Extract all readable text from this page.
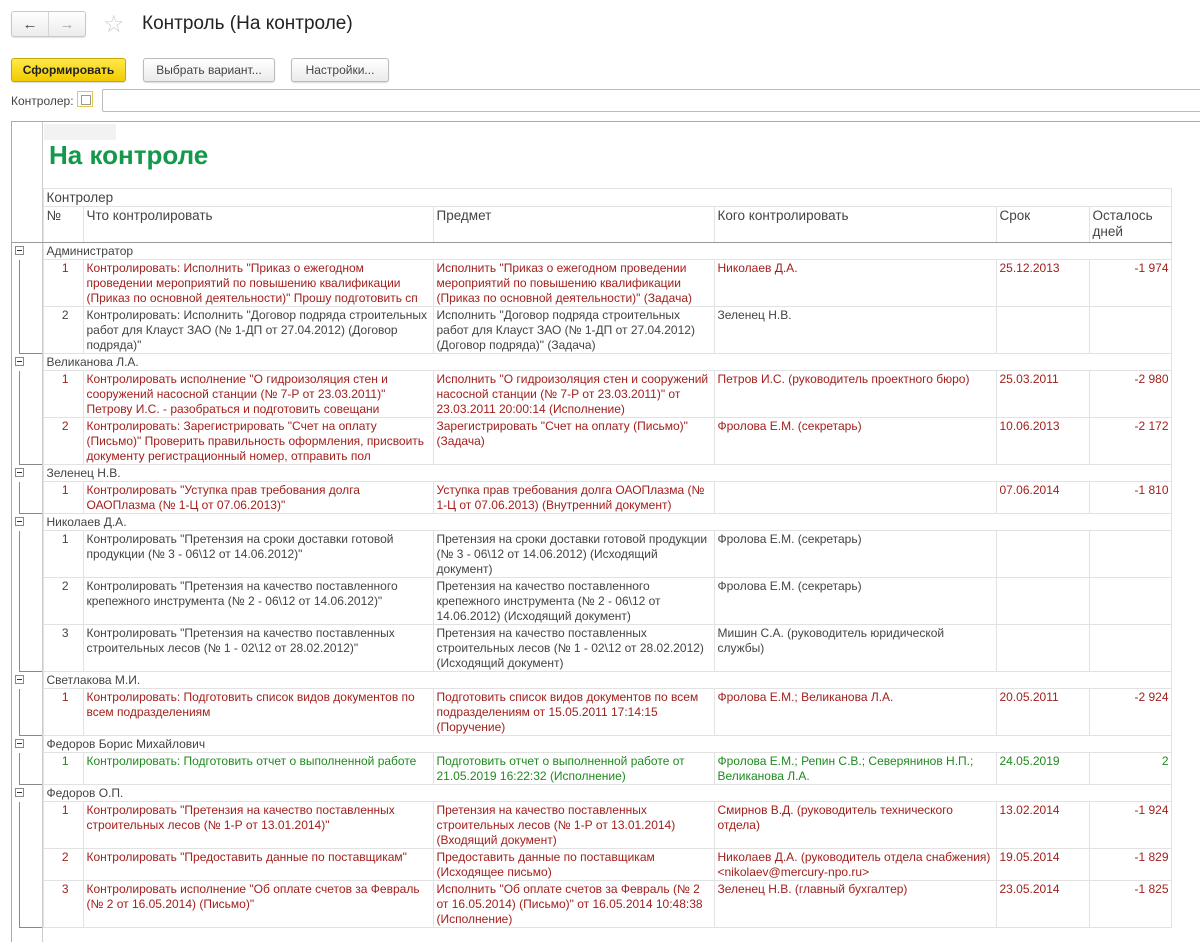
←	→	☆ Контроль (На контроле)
Сформировать	Выбрать вариант...	Настройки...
Контролер:
На контроле
	Контролер					
	№	Что контролировать	Предмет	Кого контролировать	Срок	Осталось дней

	Администратор					

	1	Контролировать: Исполнить "Приказ о ежегодном проведении мероприятий по повышению квалификации (Приказ по основной деятельности)" Прошу подготовить сп	Исполнить "Приказ о ежегодном проведении мероприятий по повышению квалификации (Приказ по основной деятельности)" (Задача)	Николаев Д.А.	25.12.2013	-1 974

	2	Контролировать: Исполнить "Договор подряда строительных работ для Клауст ЗАО (№ 1-ДП от 27.04.2012) (Договор подряда)"	Исполнить "Договор подряда строительных работ для Клауст ЗАО (№ 1-ДП от 27.04.2012) (Договор подряда)" (Задача)	Зеленец Н.В.		

	Великанова Л.А.					

	1	Контролировать исполнение "О гидроизоляция стен и сооружений насосной станции (№ 7-Р от 23.03.2011)" Петрову И.С. - разобраться и подготовить совещани	Исполнить "О гидроизоляция стен и сооружений насосной станции (№ 7-Р от 23.03.2011)" от 23.03.2011 20:00:14 (Исполнение)	Петров И.С. (руководитель проектного бюро)	25.03.2011	-2 980

	2	Контролировать: Зарегистрировать "Счет на оплату (Письмо)" Проверить правильность оформления, присвоить документу регистрационный номер, отправить пол	Зарегистрировать "Счет на оплату (Письмо)" (Задача)	Фролова Е.М. (секретарь)	10.06.2013	-2 172

	Зеленец Н.В.					

	1	Контролировать "Уступка прав требования долга ОАОПлазма (№ 1-Ц от 07.06.2013)"	Уступка прав требования долга ОАОПлазма (№ 1-Ц от 07.06.2013) (Внутренний документ)		07.06.2014	-1 810

	Николаев Д.А.					

	1	Контролировать "Претензия на сроки доставки готовой продукции (№ 3 - 06\12 от 14.06.2012)"	Претензия на сроки доставки готовой продукции (№ 3 - 06\12 от 14.06.2012) (Исходящий документ)	Фролова Е.М. (секретарь)		

	2	Контролировать "Претензия на качество поставленного крепежного инструмента (№ 2 - 06\12 от 14.06.2012)"	Претензия на качество поставленного крепежного инструмента (№ 2 - 06\12 от 14.06.2012) (Исходящий документ)	Фролова Е.М. (секретарь)		

	3	Контролировать "Претензия на качество поставленных строительных лесов (№ 1 - 02\12 от 28.02.2012)"	Претензия на качество поставленных строительных лесов (№ 1 - 02\12 от 28.02.2012) (Исходящий документ)	Мишин С.А. (руководитель юридической службы)		

	Светлакова М.И.					

	1	Контролировать: Подготовить список видов документов по всем подразделениям	Подготовить список видов документов по всем подразделениям от 15.05.2011 17:14:15 (Поручение)	Фролова Е.М.; Великанова Л.А.	20.05.2011	-2 924

	Федоров Борис Михайлович					

	1	Контролировать: Подготовить отчет о выполненной работе	Подготовить отчет о выполненной работе от 21.05.2019 16:22:32 (Исполнение)	Фролова Е.М.; Репин С.В.; Северянинов Н.П.; Великанова Л.А.	24.05.2019	2

	Федоров О.П.					

	1	Контролировать "Претензия на качество поставленных строительных лесов (№ 1-Р от 13.01.2014)"	Претензия на качество поставленных строительных лесов (№ 1-Р от 13.01.2014) (Входящий документ)	Смирнов В.Д. (руководитель технического отдела)	13.02.2014	-1 924

	2	Контролировать "Предоставить данные по поставщикам"	Предоставить данные по поставщикам (Исходящее письмо)	Николаев Д.А. (руководитель отдела снабжения) <nikolaev@mercury-npo.ru>	19.05.2014	-1 829

	3	Контролировать исполнение "Об оплате счетов за Февраль (№ 2 от 16.05.2014) (Письмо)"	Исполнить "Об оплате счетов за Февраль (№ 2 от 16.05.2014) (Письмо)" от 16.05.2014 10:48:38 (Исполнение)	Зеленец Н.В. (главный бухгалтер)	23.05.2014	-1 825
